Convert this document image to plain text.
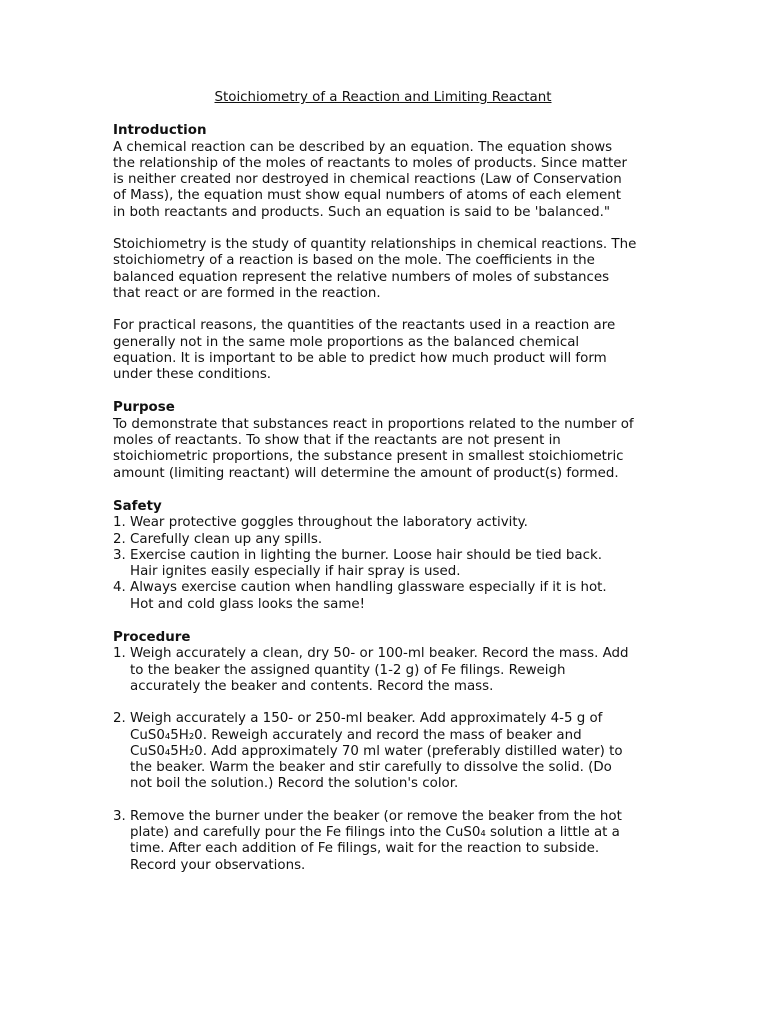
Stoichiometry of a Reaction and Limiting Reactant
Introduction

A chemical reaction can be described by an equation. The equation shows
the relationship of the moles of reactants to moles of products. Since matter
is neither created nor destroyed in chemical reactions (Law of Conservation
of Mass), the equation must show equal numbers of atoms of each element
in both reactants and products. Such an equation is said to be 'balanced."

Stoichiometry is the study of quantity relationships in chemical reactions. The
stoichiometry of a reaction is based on the mole. The coefficients in the
balanced equation represent the relative numbers of moles of substances
that react or are formed in the reaction.

For practical reasons, the quantities of the reactants used in a reaction are
generally not in the same mole proportions as the balanced chemical
equation. It is important to be able to predict how much product will form
under these conditions.

Purpose

To demonstrate that substances react in proportions related to the number of
moles of reactants. To show that if the reactants are not present in
stoichiometric proportions, the substance present in smallest stoichiometric
amount (limiting reactant) will determine the amount of product(s) formed.

Safety
1. Wear protective goggles throughout the laboratory activity.
2. Carefully clean up any spills.
3. Exercise caution in lighting the burner. Loose hair should be tied back.
Hair ignites easily especially if hair spray is used.
4. Always exercise caution when handling glassware especially if it is hot.
Hot and cold glass looks the same!
Procedure
1. Weigh accurately a clean, dry 50- or 100-ml beaker. Record the mass. Add
to the beaker the assigned quantity (1-2 g) of Fe filings. Reweigh
accurately the beaker and contents. Record the mass.
2. Weigh accurately a 150- or 250-ml beaker. Add approximately 4-5 g of
CuS0₄5H₂0. Reweigh accurately and record the mass of beaker and
CuS0₄5H₂0. Add approximately 70 ml water (preferably distilled water) to
the beaker. Warm the beaker and stir carefully to dissolve the solid. (Do
not boil the solution.) Record the solution's color.
3. Remove the burner under the beaker (or remove the beaker from the hot
plate) and carefully pour the Fe filings into the CuS0₄ solution a little at a
time. After each addition of Fe filings, wait for the reaction to subside.
Record your observations.
